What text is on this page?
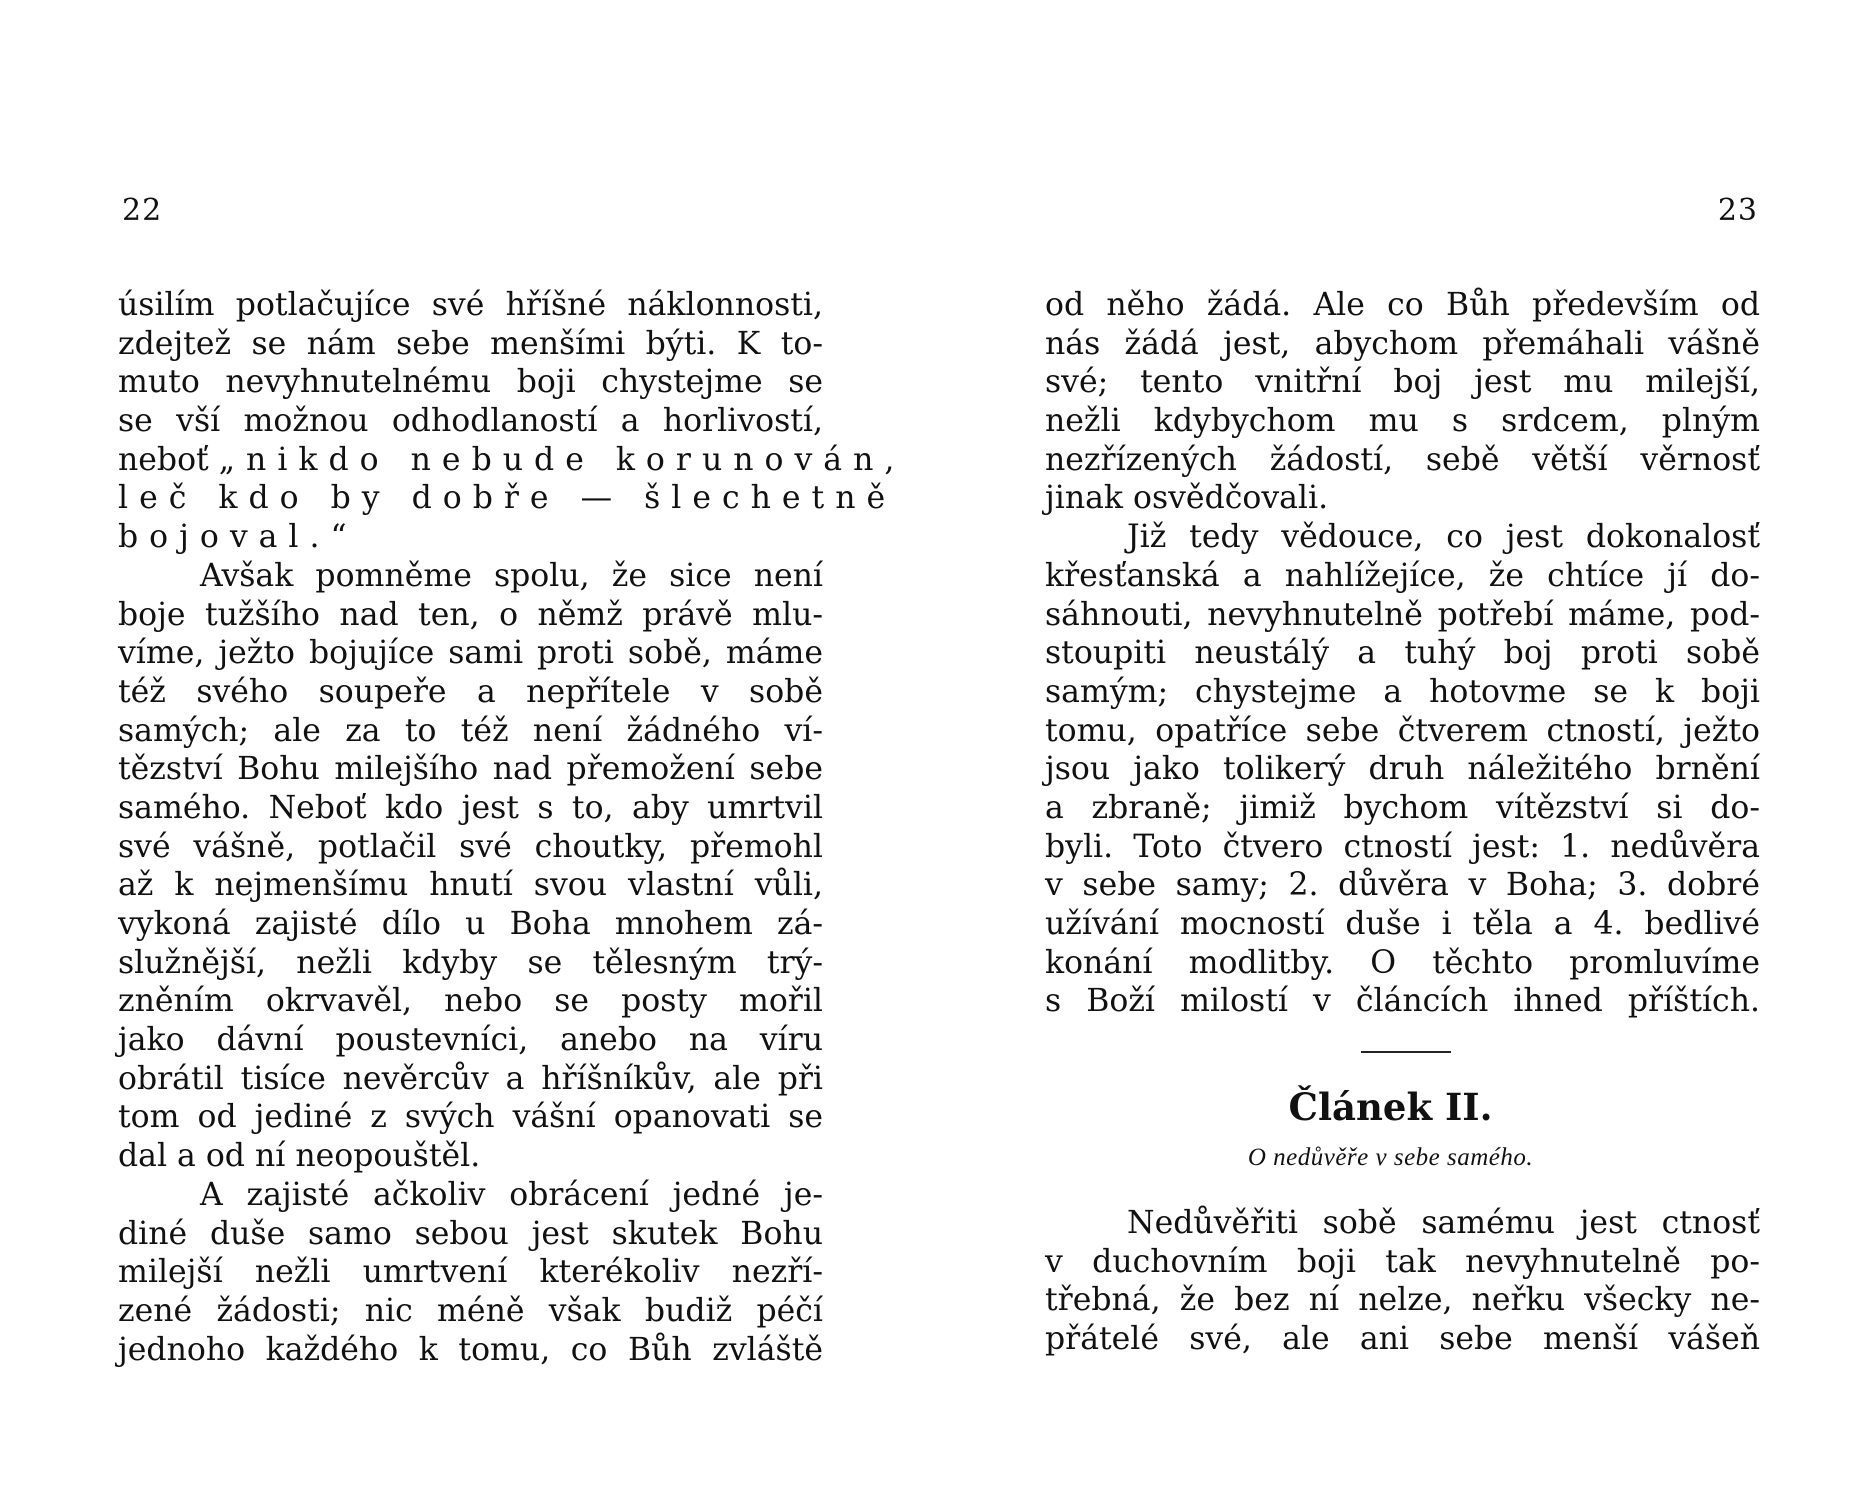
22
úsilím potlačujíce své hříšné náklonnosti,
zdejtež se nám sebe menšími býti. K to-
muto nevyhnutelnému boji chystejme se
se vší možnou odhodlaností a horlivostí,
neboť „nikdo nebude korunován,
leč kdo by dobře — šlechetně
bojoval.“
Avšak pomněme spolu, že sice není
boje tužšího nad ten, o němž právě mlu-
víme, ježto bojujíce sami proti sobě, máme
též svého soupeře a nepřítele v sobě
samých; ale za to též není žádného ví-
tězství Bohu milejšího nad přemožení sebe
samého. Neboť kdo jest s to, aby umrtvil
své vášně, potlačil své choutky, přemohl
až k nejmenšímu hnutí svou vlastní vůli,
vykoná zajisté dílo u Boha mnohem zá-
služnější, nežli kdyby se tělesným trý-
zněním okrvavěl, nebo se posty mořil
jako dávní poustevníci, anebo na víru
obrátil tisíce nevěrcův a hříšníkův, ale při
tom od jediné z svých vášní opanovati se
dal a od ní neopouštěl.
A zajisté ačkoliv obrácení jedné je-
diné duše samo sebou jest skutek Bohu
milejší nežli umrtvení kterékoliv nezří-
zené žádosti; nic méně však budiž péčí
jednoho každého k tomu, co Bůh zvláště
23
od něho žádá. Ale co Bůh především od
nás žádá jest, abychom přemáhali vášně
své; tento vnitřní boj jest mu milejší,
nežli kdybychom mu s srdcem, plným
nezřízených žádostí, sebě větší věrnosť
jinak osvědčovali.
Již tedy vědouce, co jest dokonalosť
křesťanská a nahlížejíce, že chtíce jí do-
sáhnouti, nevyhnutelně potřebí máme, pod-
stoupiti neustálý a tuhý boj proti sobě
samým; chystejme a hotovme se k boji
tomu, opatříce sebe čtverem ctností, ježto
jsou jako tolikerý druh náležitého brnění
a zbraně; jimiž bychom vítězství si do-
byli. Toto čtvero ctností jest: 1. nedůvěra
v sebe samy; 2. důvěra v Boha; 3. dobré
užívání mocností duše i těla a 4. bedlivé
konání modlitby. O těchto promluvíme
s Boží milostí v článcích ihned příštích.
Článek II.
O nedůvěře v sebe samého.
Nedůvěřiti sobě samému jest ctnosť
v duchovním boji tak nevyhnutelně po-
třebná, že bez ní nelze, neřku všecky ne-
přátelé své, ale ani sebe menší vášeň
